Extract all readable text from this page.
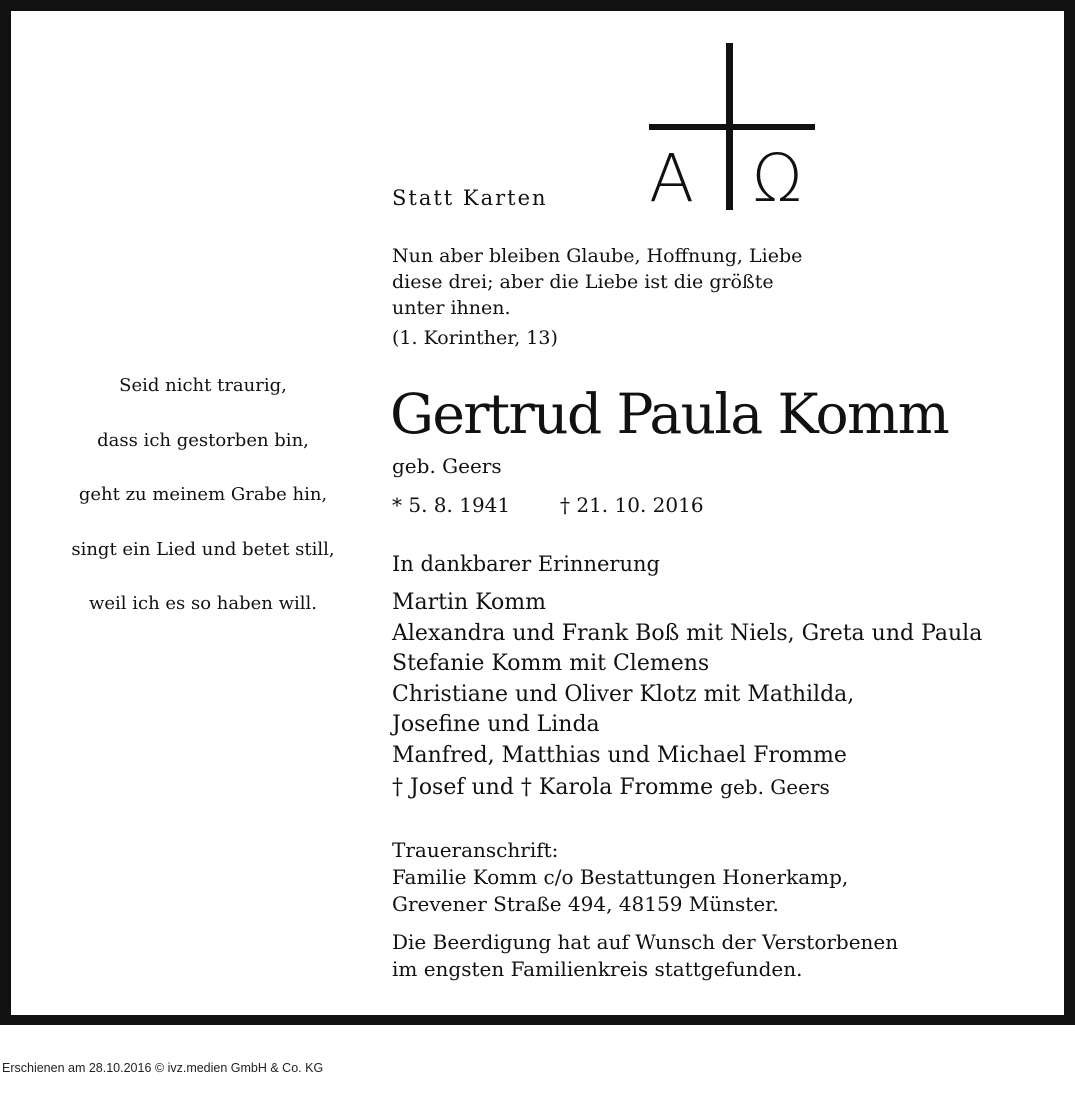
A Ω
Statt Karten
Nun aber bleiben Glaube, Hoffnung, Liebe
diese drei; aber die Liebe ist die größte
unter ihnen.
(1. Korinther, 13)
Seid nicht traurig,
dass ich gestorben bin,
geht zu meinem Grabe hin,
singt ein Lied und betet still,
weil ich es so haben will.
Gertrud Paula Komm
geb. Geers
* 5. 8. 1941 † 21. 10. 2016
In dankbarer Erinnerung
Martin Komm
Alexandra und Frank Boß mit Niels, Greta und Paula
Stefanie Komm mit Clemens
Christiane und Oliver Klotz mit Mathilda,
Josefine und Linda
Manfred, Matthias und Michael Fromme
† Josef und † Karola Fromme geb. Geers
Traueranschrift:
Familie Komm c/o Bestattungen Honerkamp,
Grevener Straße 494, 48159 Münster.
Die Beerdigung hat auf Wunsch der Verstorbenen
im engsten Familienkreis stattgefunden.
Erschienen am 28.10.2016 © ivz.medien GmbH & Co. KG
